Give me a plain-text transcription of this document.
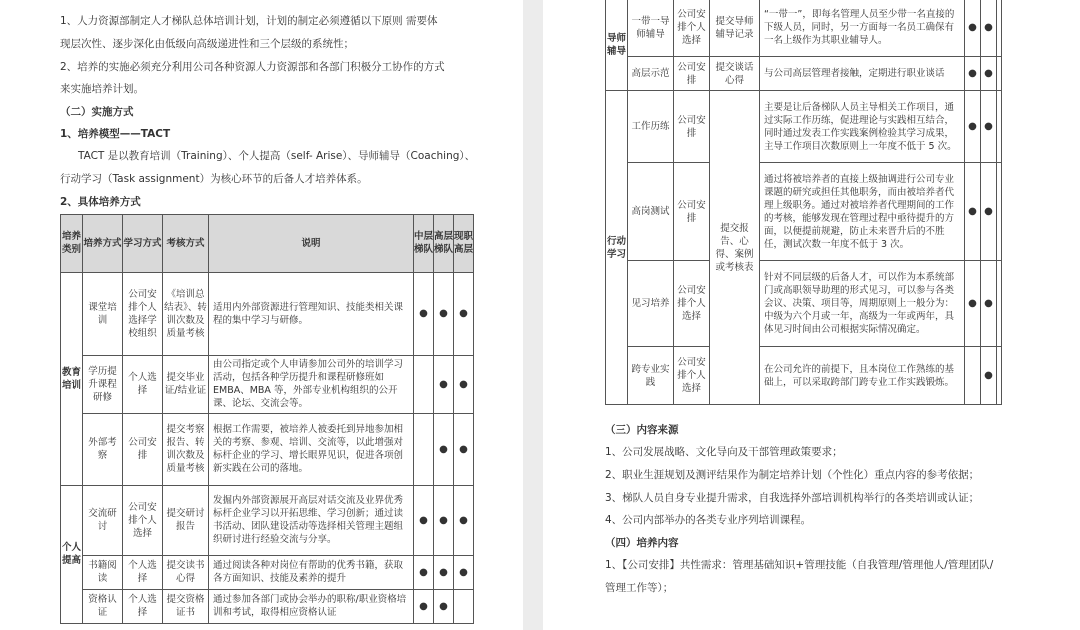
1、人力资源部制定人才梯队总体培训计划，计划的制定必须遵循以下原则 需要体
现层次性、逐步深化由低级向高级递进性和三个层级的系统性；
2、培养的实施必须充分利用公司各种资源人力资源部和各部门积极分工协作的方式
来实施培养计划。
（二）实施方式
1、培养模型——TACT
TACT 是以教育培训（Training）、个人提高（self- Arise）、导师辅导（Coaching）、
行动学习（Task assignment）为核心环节的后备人才培养体系。
2、具体培养方式
培养类别	培养方式	学习方式	考核方式	说明	中层梯队	高层梯队	现职高层
教育培训	课堂培训	公司安排个人选择学校组织	《培训总结表》、转训次数及质量考核	适用内外部资源进行管理知识、技能类相关课程的集中学习与研修。	●	●	●
	学历提升课程研修	个人选择	提交毕业证/结业证	由公司指定或个人申请参加公司外的培训学习活动，包括各种学历提升和课程研修班如 EMBA、MBA 等，外部专业机构组织的公开课、论坛、交流会等。		●	●
	外部考察	公司安排	提交考察报告、转训次数及质量考核	根据工作需要，被培养人被委托到异地参加相关的考察、参观、培训、交流等，以此增强对标杆企业的学习、增长眼界见识，促进各项创新实践在公司的落地。		●	●
个人提高	交流研讨	公司安排个人选择	提交研讨报告	发掘内外部资源展开高层对话交流及业界优秀标杆企业学习以开拓思维、学习创新；通过读书活动、团队建设活动等选择相关管理主题组织研讨进行经验交流与分享。	●	●	●
	书籍阅读	个人选择	提交读书心得	通过阅读各种对岗位有帮助的优秀书籍，获取各方面知识、技能及素养的提升	●	●	●
	资格认证	个人选择	提交资格证书	通过参加各部门或协会举办的职称/职业资格培训和考试，取得相应资格认证	●	●	
导师辅导	一带一导师辅导	公司安排个人选择	提交导师辅导记录	“一带一”，即每名管理人员至少带一名直接的下级人员，同时，另一方面每一名员工确保有一名上级作为其职业辅导人。	●	●	
	高层示范	公司安排	提交谈话心得	与公司高层管理者接触，定期进行职业谈话	●	●	
行动学习	工作历练	公司安排	提交报告、心得、案例或考核表	主要是让后备梯队人员主导相关工作项目，通过实际工作历练，促进理论与实践相互结合，同时通过发表工作实践案例检验其学习成果，主导工作项目次数原则上一年度不低于 5 次。	●	●	
	高岗测试	公司安排		通过将被培养者的直接上级抽调进行公司专业课题的研究或担任其他职务，而由被培养者代理上级职务。通过对被培养者代理期间的工作的考核，能够发现在管理过程中亟待提升的方面，以便提前规避，防止未来晋升后的不胜任，测试次数一年度不低于 3 次。	●	●	
	见习培养	公司安排个人选择		针对不同层级的后备人才，可以作为本系统部门或高职领导助理的形式见习，可以参与各类会议、决策、项目等，周期原则上一般分为：中级为六个月或一年，高级为一年或两年，具体见习时间由公司根据实际情况确定。	●	●	
	跨专业实践	公司安排个人选择		在公司允许的前提下，且本岗位工作熟练的基础上，可以采取跨部门跨专业工作实践锻炼。		●	
（三）内容来源
1、公司发展战略、文化导向及干部管理政策要求；
2、职业生涯规划及测评结果作为制定培养计划（个性化）重点内容的参考依据；
3、梯队人员自身专业提升需求，自我选择外部培训机构举行的各类培训或认证；
4、公司内部举办的各类专业序列培训课程。
（四）培养内容
1、【公司安排】共性需求：管理基础知识+管理技能（自我管理/管理他人/管理团队/
管理工作等）；
